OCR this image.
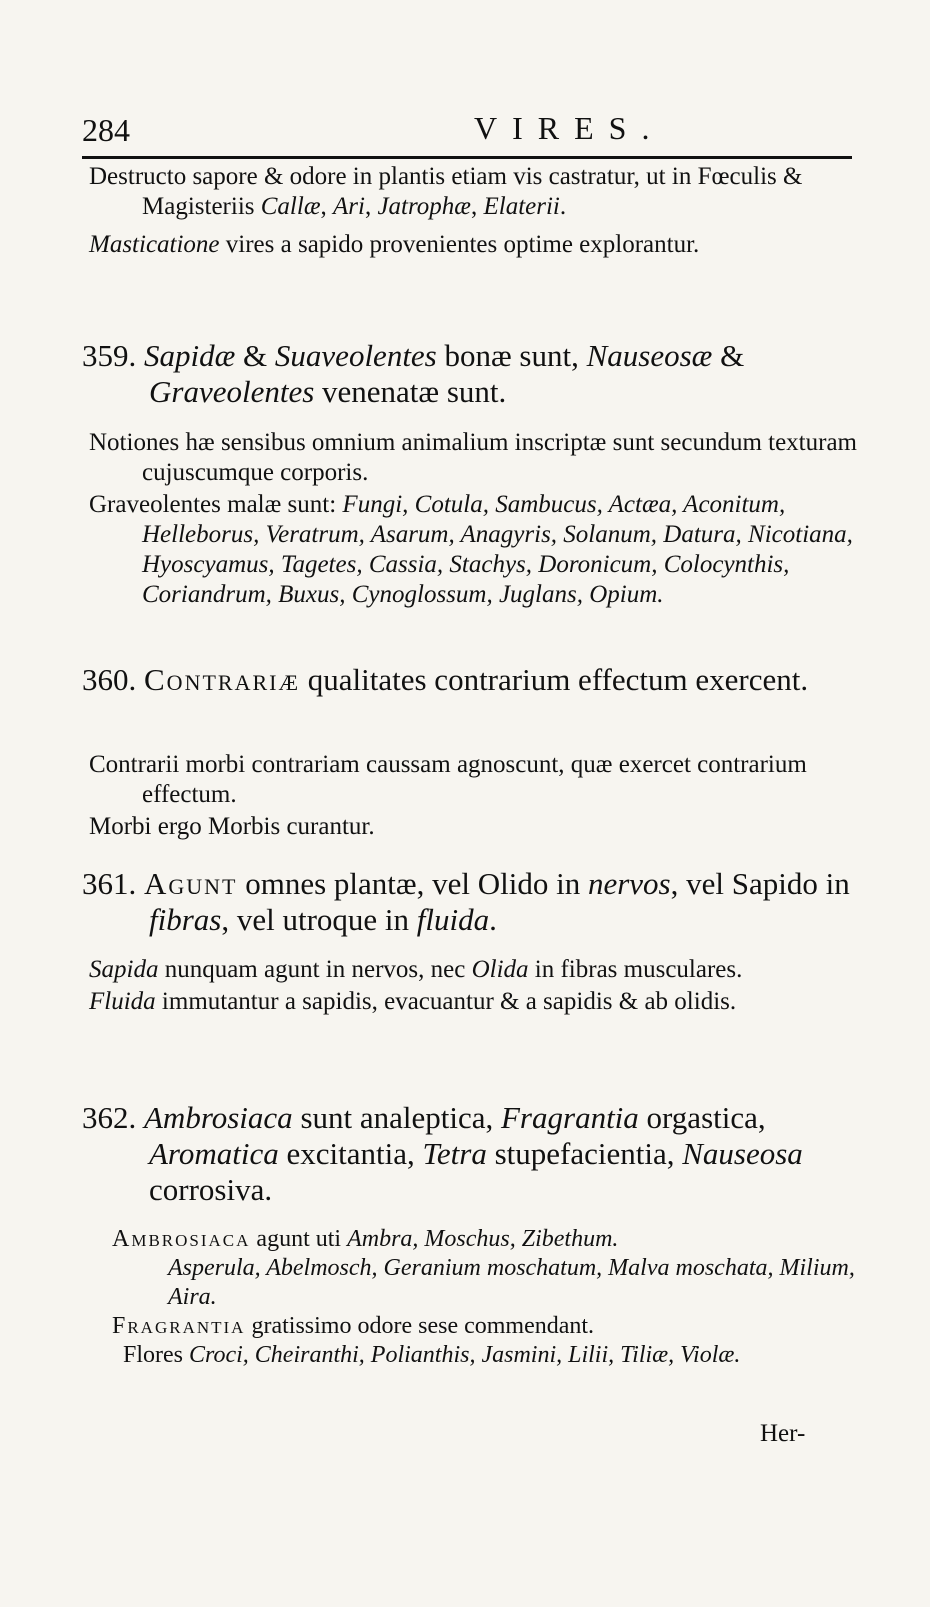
284	VIRES.

Destructo sapore & odore in plantis etiam vis castratur, ut in Fœculis & Magisteriis Callæ, Ari, Jatrophæ, Elaterii.

Masticatione vires a sapido provenientes optime explorantur.

359. Sapidæ & Suaveolentes bonæ sunt, Nauseosæ & Graveolentes venenatæ sunt.

Notiones hæ sensibus omnium animalium inscriptæ sunt secundum texturam cujuscumque corporis.

Graveolentes malæ sunt: Fungi, Cotula, Sambucus, Actæa, Aconitum, Helleborus, Veratrum, Asarum, Anagyris, Solanum, Datura, Nicotiana, Hyoscyamus, Tagetes, Cassia, Stachys, Doronicum, Colocynthis, Coriandrum, Buxus, Cynoglossum, Juglans, Opium.

360. Contrariæ qualitates contrarium effectum exercent.

Contrarii morbi contrariam caussam agnoscunt, quæ exercet contrarium effectum.

Morbi ergo Morbis curantur.

361. Agunt omnes plantæ, vel Olido in nervos, vel Sapido in fibras, vel utroque in fluida.

Sapida nunquam agunt in nervos, nec Olida in fibras musculares.

Fluida immutantur a sapidis, evacuantur & a sapidis & ab olidis.

362. Ambrosiaca sunt analeptica, Fragrantia orgastica, Aromatica excitantia, Tetra stupefacientia, Nauseosa corrosiva.

Ambrosiaca agunt uti Ambra, Moschus, Zibethum.

Asperula, Abelmosch, Geranium moschatum, Malva moschata, Milium, Aira.

Fragrantia gratissimo odore sese commendant.

Flores Croci, Cheiranthi, Polianthis, Jasmini, Lilii, Tiliæ, Violæ.

Her-
